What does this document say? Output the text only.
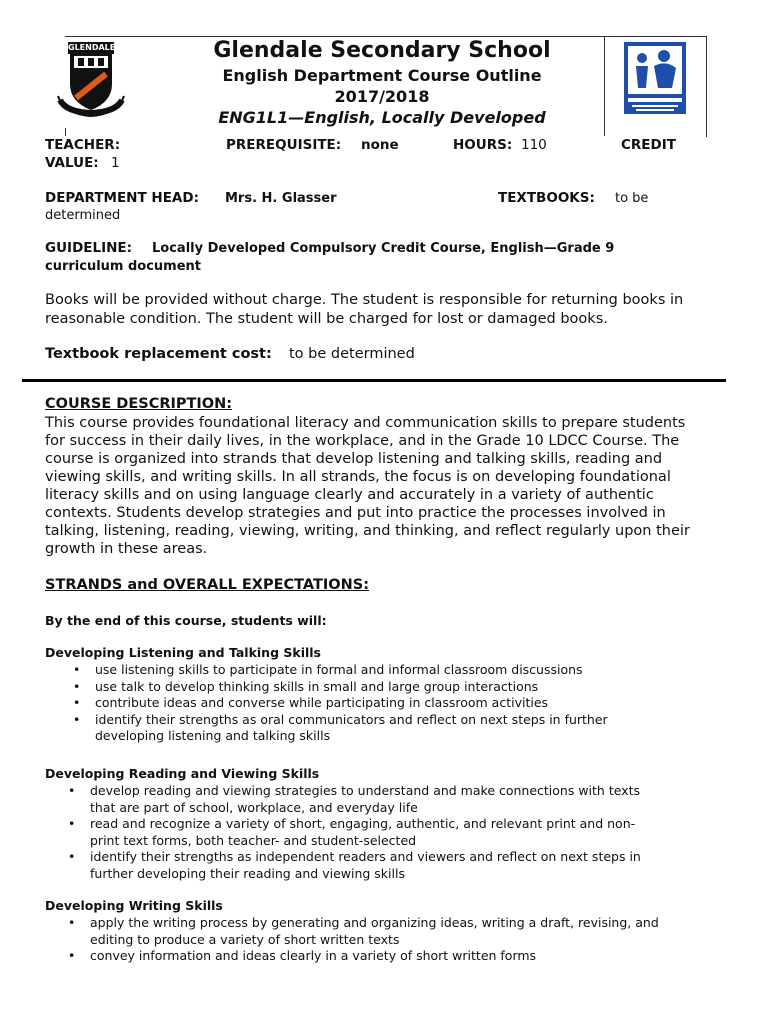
GLENDALE	Glendale Secondary School
English Department Course Outline
2017/2018
ENG1L1—English, Locally Developed
TEACHER:	PREREQUISITE: none	HOURS: 110	CREDIT
VALUE: 1
DEPARTMENT HEAD: Mrs. H. Glasser	TEXTBOOKS: to be
determined
GUIDELINE: Locally Developed Compulsory Credit Course, English—Grade 9
curriculum document
Books will be provided without charge. The student is responsible for returning books in
reasonable condition. The student will be charged for lost or damaged books.
Textbook replacement cost: to be determined
COURSE DESCRIPTION:

This course provides foundational literacy and communication skills to prepare students

for success in their daily lives, in the workplace, and in the Grade 10 LDCC Course. The

course is organized into strands that develop listening and talking skills, reading and

viewing skills, and writing skills. In all strands, the focus is on developing foundational

literacy skills and on using language clearly and accurately in a variety of authentic

contexts. Students develop strategies and put into practice the processes involved in

talking, listening, reading, viewing, writing, and thinking, and reflect regularly upon their

growth in these areas.

STRANDS and OVERALL EXPECTATIONS:
By the end of this course, students will:
Developing Listening and Talking Skills
• use listening skills to participate in formal and informal classroom discussions
• use talk to develop thinking skills in small and large group interactions
• contribute ideas and converse while participating in classroom activities
• identify their strengths as oral communicators and reflect on next steps in further
developing listening and talking skills
Developing Reading and Viewing Skills
• develop reading and viewing strategies to understand and make connections with texts
that are part of school, workplace, and everyday life
• read and recognize a variety of short, engaging, authentic, and relevant print and non-
print text forms, both teacher- and student-selected
• identify their strengths as independent readers and viewers and reflect on next steps in
further developing their reading and viewing skills
Developing Writing Skills
• apply the writing process by generating and organizing ideas, writing a draft, revising, and
editing to produce a variety of short written texts
• convey information and ideas clearly in a variety of short written forms
